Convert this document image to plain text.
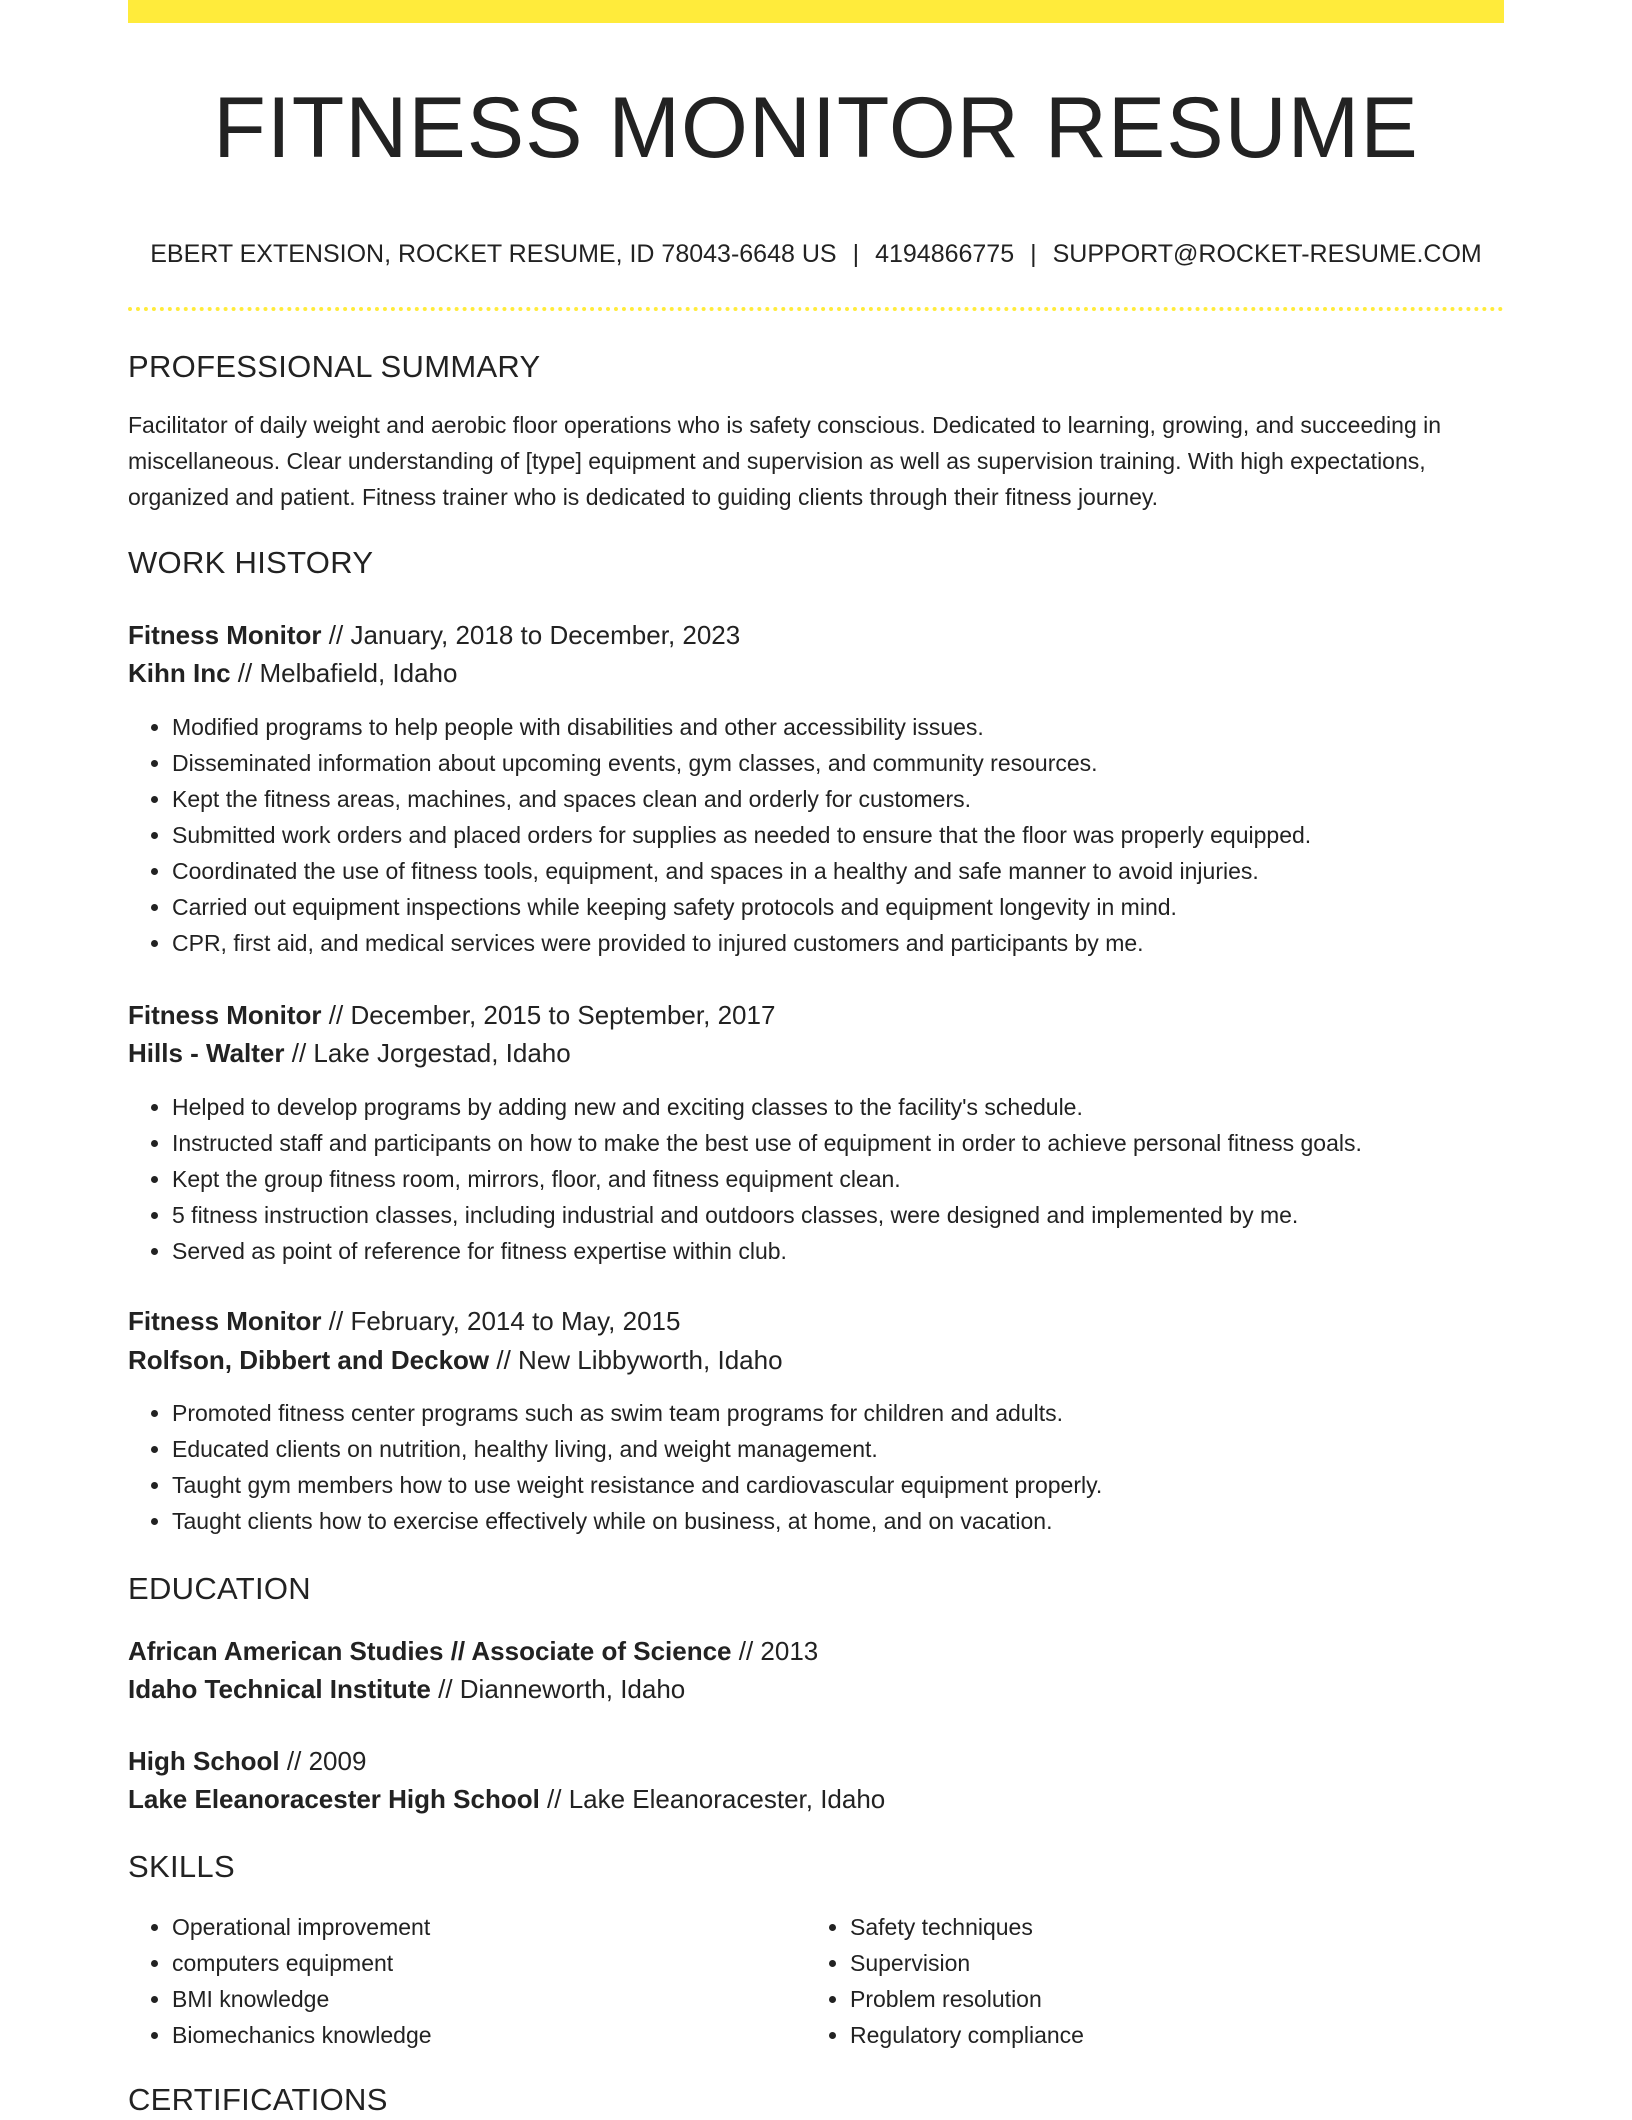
FITNESS MONITOR RESUME
EBERT EXTENSION, ROCKET RESUME, ID 78043-6648 US | 4194866775 | SUPPORT@ROCKET-RESUME.COM
PROFESSIONAL SUMMARY

Facilitator of daily weight and aerobic floor operations who is safety conscious. Dedicated to learning, growing, and succeeding in miscellaneous. Clear understanding of [type] equipment and supervision as well as supervision training. With high expectations, organized and patient. Fitness trainer who is dedicated to guiding clients through their fitness journey.

WORK HISTORY
Fitness Monitor // January, 2018 to December, 2023
Kihn Inc // Melbafield, Idaho
• Modified programs to help people with disabilities and other accessibility issues.
• Disseminated information about upcoming events, gym classes, and community resources.
• Kept the fitness areas, machines, and spaces clean and orderly for customers.
• Submitted work orders and placed orders for supplies as needed to ensure that the floor was properly equipped.
• Coordinated the use of fitness tools, equipment, and spaces in a healthy and safe manner to avoid injuries.
• Carried out equipment inspections while keeping safety protocols and equipment longevity in mind.
• CPR, first aid, and medical services were provided to injured customers and participants by me.
Fitness Monitor // December, 2015 to September, 2017
Hills - Walter // Lake Jorgestad, Idaho
• Helped to develop programs by adding new and exciting classes to the facility's schedule.
• Instructed staff and participants on how to make the best use of equipment in order to achieve personal fitness goals.
• Kept the group fitness room, mirrors, floor, and fitness equipment clean.
• 5 fitness instruction classes, including industrial and outdoors classes, were designed and implemented by me.
• Served as point of reference for fitness expertise within club.
Fitness Monitor // February, 2014 to May, 2015
Rolfson, Dibbert and Deckow // New Libbyworth, Idaho
• Promoted fitness center programs such as swim team programs for children and adults.
• Educated clients on nutrition, healthy living, and weight management.
• Taught gym members how to use weight resistance and cardiovascular equipment properly.
• Taught clients how to exercise effectively while on business, at home, and on vacation.
EDUCATION
African American Studies // Associate of Science // 2013
Idaho Technical Institute // Dianneworth, Idaho
High School // 2009
Lake Eleanoracester High School // Lake Eleanoracester, Idaho
SKILLS
• Operational improvement
• computers equipment
• BMI knowledge
• Biomechanics knowledge
• Safety techniques
• Supervision
• Problem resolution
• Regulatory compliance
CERTIFICATIONS
